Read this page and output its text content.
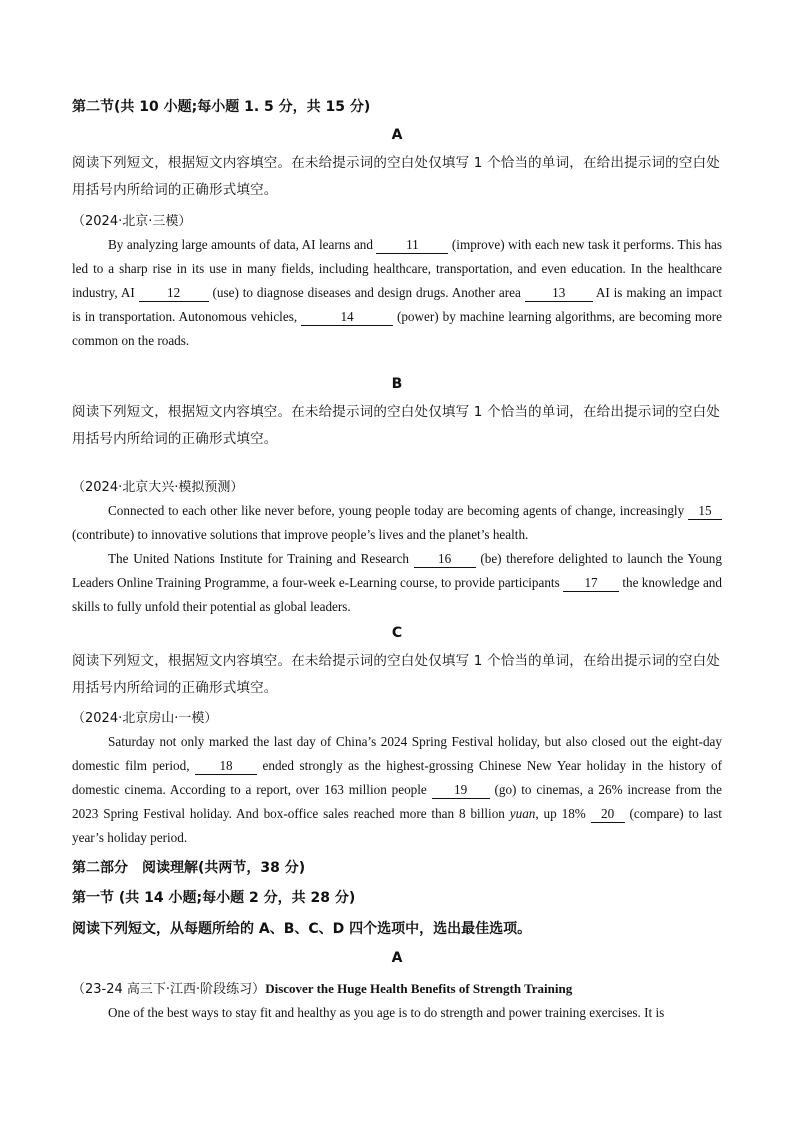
第二节(共 10 小题;每小题 1. 5 分，共 15 分)

A
阅读下列短文，根据短文内容填空。在未给提示词的空白处仅填写 1 个恰当的单词，在给出提示词的空白处用括号内所给词的正确形式填空。
（2024·北京·三模）
By analyzing large amounts of data, AI learns and 11 (improve) with each new task it performs. This has led to a sharp rise in its use in many fields, including healthcare, transportation, and even education. In the healthcare industry, AI 12 (use) to diagnose diseases and design drugs. Another area 13 AI is making an impact is in transportation. Autonomous vehicles,	14	(power) by machine learning algorithms, are becoming more common on the roads.
B
阅读下列短文，根据短文内容填空。在未给提示词的空白处仅填写 1 个恰当的单词，在给出提示词的空白处用括号内所给词的正确形式填空。
（2024·北京大兴·模拟预测）
Connected to each other like never before, young people today are becoming agents of change, increasingly 15(contribute) to innovative solutions that improve people’s lives and the planet’s health.
The United Nations Institute for Training and Research 16 (be) therefore delighted to launch the Young Leaders Online Training Programme, a four-week e-Learning course, to provide participants 17 the knowledge and skills to fully unfold their potential as global leaders.
C
阅读下列短文，根据短文内容填空。在未给提示词的空白处仅填写 1 个恰当的单词，在给出提示词的空白处用括号内所给词的正确形式填空。
（2024·北京房山·一模）
Saturday not only marked the last day of China’s 2024 Spring Festival holiday, but also closed out the eight-day domestic film period, 18 ended strongly as the highest-grossing Chinese New Year holiday in the history of domestic cinema. According to a report, over 163 million people 19 (go) to cinemas, a 26% increase from the 2023 Spring Festival holiday. And box-office sales reached more than 8 billion yuan, up 18% 20 (compare) to last year’s holiday period.

第二部分　阅读理解(共两节，38 分)

第一节 (共 14 小题;每小题 2 分，共 28 分)

阅读下列短文，从每题所给的 A、B、C、D 四个选项中，选出最佳选项。

A
（23-24 高三下·江西·阶段练习）Discover the Huge Health Benefits of Strength Training
One of the best ways to stay fit and healthy as you age is to do strength and power training exercises. It is
